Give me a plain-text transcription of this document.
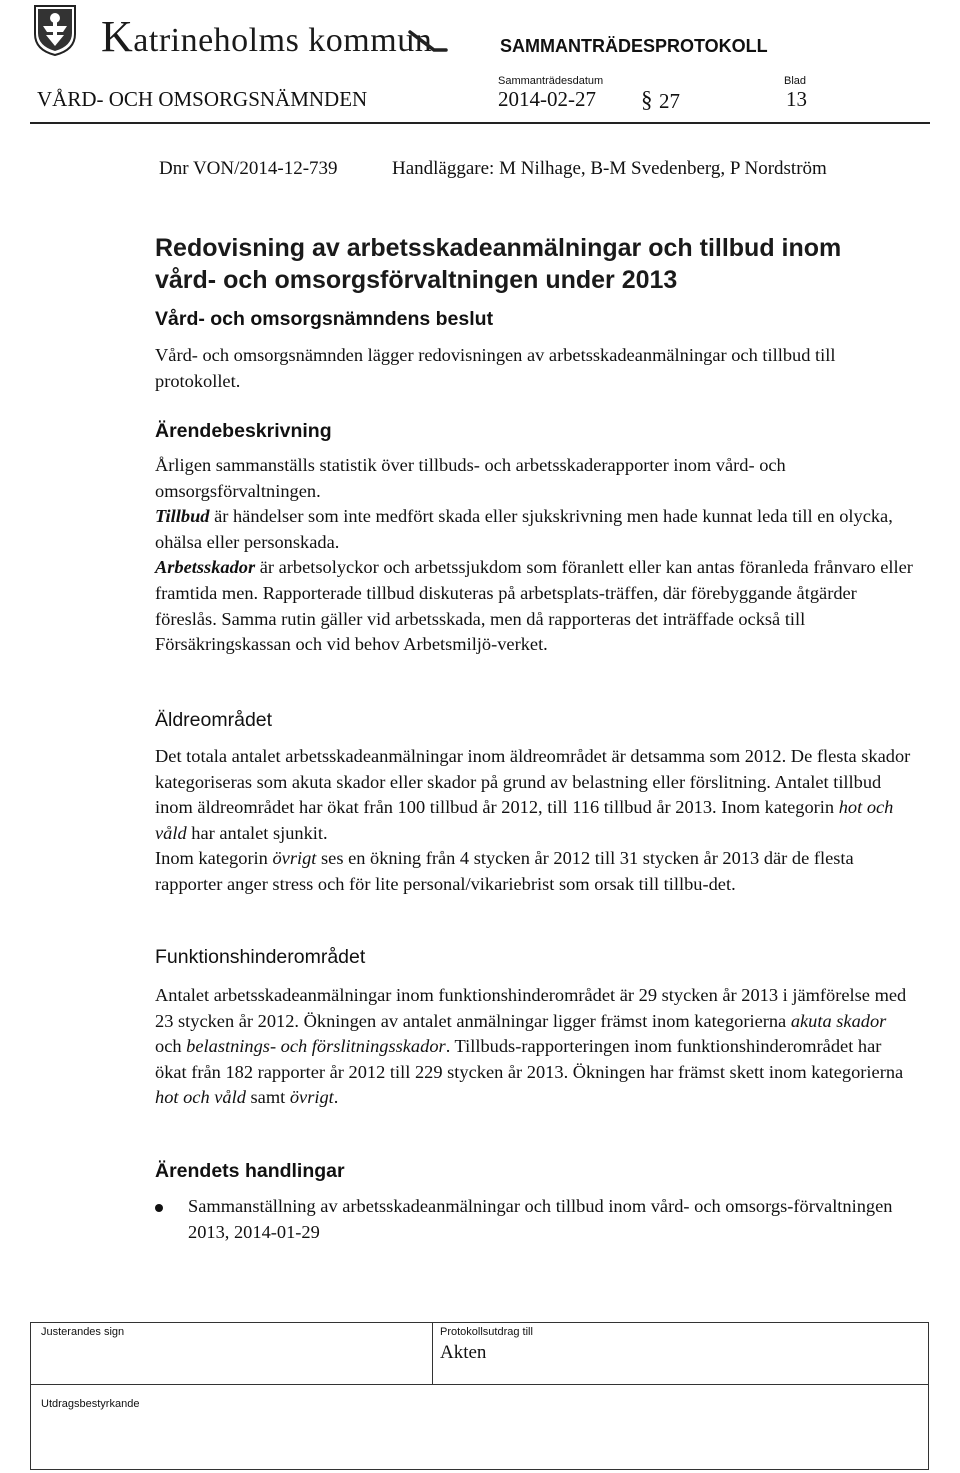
Katrineholms kommun	SAMMANTRÄDESPROTOKOLL
Sammanträdesdatum	Blad
VÅRD- OCH OMSORGSNÄMNDEN	2014-02-27 § 27	13
Dnr VON/2014-12-739	Handläggare: M Nilhage, B-M Svedenberg, P Nordström
Redovisning av arbetsskadeanmälningar och tillbud inom
vård- och omsorgsförvaltningen under 2013
Vård- och omsorgsnämndens beslut

Vård- och omsorgsnämnden lägger redovisningen av arbetsskadeanmälningar och tillbud till protokollet.

Ärendebeskrivning

Årligen sammanställs statistik över tillbuds- och arbetsskaderapporter inom vård- och omsorgsförvaltningen.

Tillbud är händelser som inte medfört skada eller sjukskrivning men hade kunnat leda till en olycka, ohälsa eller personskada.

Arbetsskador är arbetsolyckor och arbetssjukdom som föranlett eller kan antas föranleda frånvaro eller framtida men. Rapporterade tillbud diskuteras på arbetsplats-träffen, där förebyggande åtgärder föreslås. Samma rutin gäller vid arbetsskada, men då rapporteras det inträffade också till Försäkringskassan och vid behov Arbetsmiljö-verket.

Äldreområdet

Det totala antalet arbetsskadeanmälningar inom äldreområdet är detsamma som 2012. De flesta skador kategoriseras som akuta skador eller skador på grund av belastning eller förslitning. Antalet tillbud inom äldreområdet har ökat från 100 tillbud år 2012, till 116 tillbud år 2013. Inom kategorin hot och våld har antalet sjunkit.

Inom kategorin övrigt ses en ökning från 4 stycken år 2012 till 31 stycken år 2013 där de flesta rapporter anger stress och för lite personal/vikariebrist som orsak till tillbu-det.

Funktionshinderområdet

Antalet arbetsskadeanmälningar inom funktionshinderområdet är 29 stycken år 2013 i jämförelse med 23 stycken år 2012. Ökningen av antalet anmälningar ligger främst inom kategorierna akuta skador och belastnings- och förslitningsskador. Tillbuds-rapporteringen inom funktionshinderområdet har ökat från 182 rapporter år 2012 till 229 stycken år 2013. Ökningen har främst skett inom kategorierna hot och våld samt övrigt.

Ärendets handlingar
Sammanställning av arbetsskadeanmälningar och tillbud inom vård- och omsorgs-förvaltningen 2013, 2014-01-29
Justerandes sign	Protokollsutdrag till
Akten
Utdragsbestyrkande
